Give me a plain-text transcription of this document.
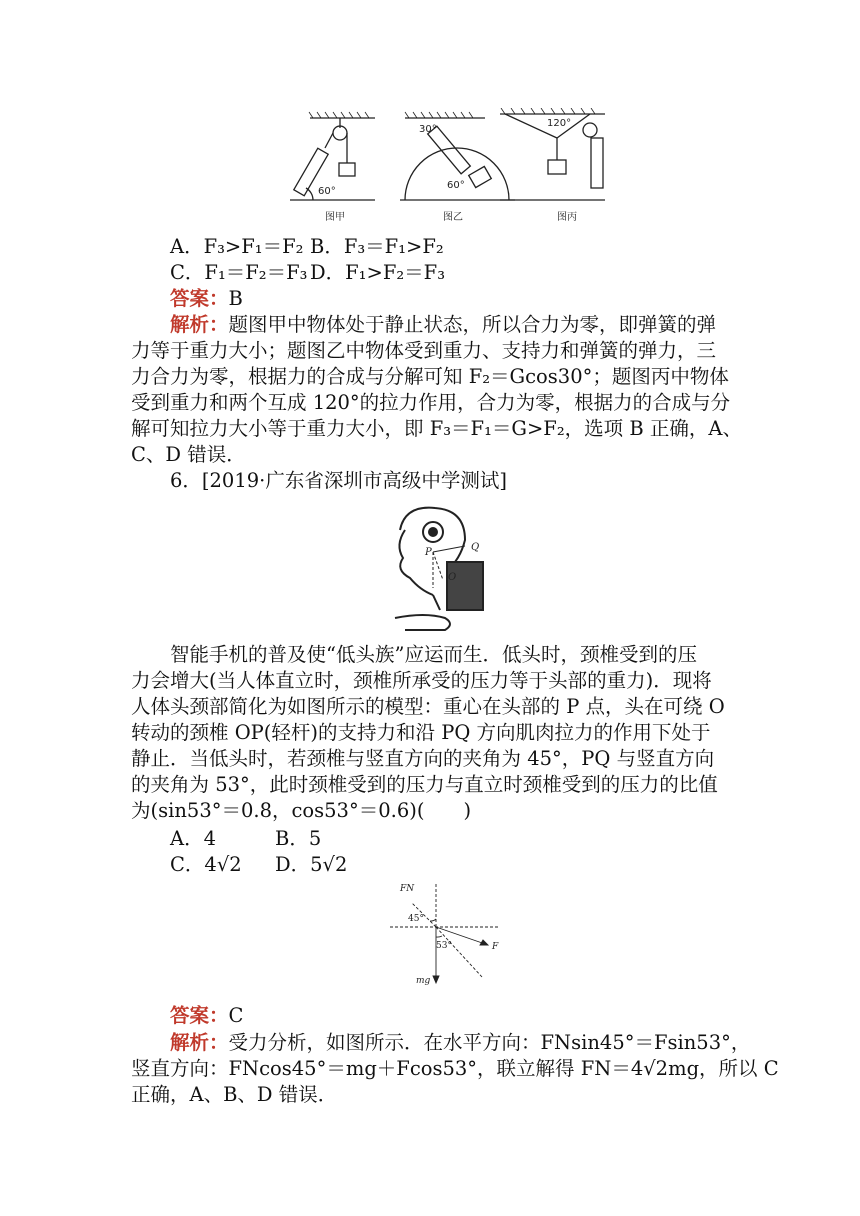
60°
30°
60°
120°
图甲	图乙	图丙
A．F₃>F₁＝F₂ B．F₃＝F₁>F₂
C．F₁＝F₂＝F₃ D．F₁>F₂＝F₃
答案：B
解析：题图甲中物体处于静止状态，所以合力为零，即弹簧的弹
力等于重力大小；题图乙中物体受到重力、支持力和弹簧的弹力，三
力合力为零，根据力的合成与分解可知 F₂＝Gcos30°；题图丙中物体
受到重力和两个互成 120°的拉力作用，合力为零，根据力的合成与分
解可知拉力大小等于重力大小，即 F₃＝F₁＝G>F₂，选项 B 正确，A、
C、D 错误．
6．[2019·广东省深圳市高级中学测试]
P	Q
O
智能手机的普及使“低头族”应运而生．低头时，颈椎受到的压
力会增大(当人体直立时，颈椎所承受的压力等于头部的重力)．现将
人体头颈部简化为如图所示的模型：重心在头部的 P 点，头在可绕 O
转动的颈椎 OP(轻杆)的支持力和沿 PQ 方向肌肉拉力的作用下处于
静止．当低头时，若颈椎与竖直方向的夹角为 45°，PQ 与竖直方向
的夹角为 53°，此时颈椎受到的压力与直立时颈椎受到的压力的比值
为(sin53°＝0.8，cos53°＝0.6)(　　)
A．4	B．5
C．4√2 D．5√2
FN
45°
53°	F
mg
答案：C
解析：受力分析，如图所示．在水平方向：FNsin45°＝Fsin53°，
竖直方向：FNcos45°＝mg＋Fcos53°，联立解得 FN＝4√2mg，所以 C
正确，A、B、D 错误．
